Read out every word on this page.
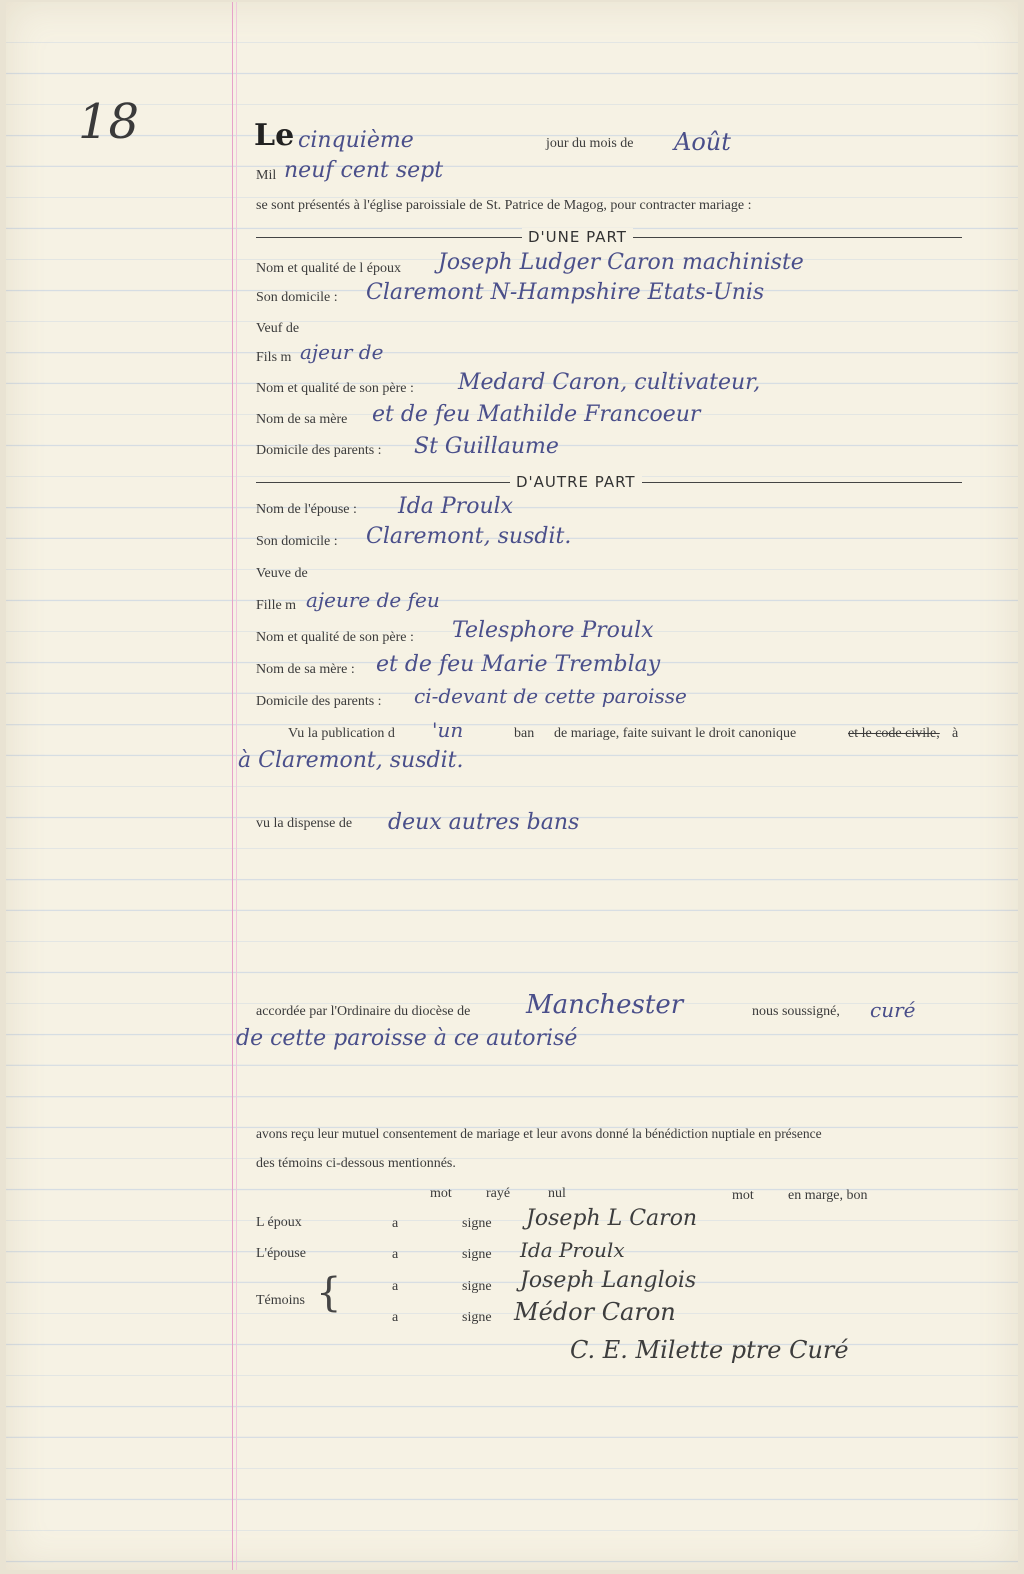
18	Le cinquième	jour du mois de Août
Mil neuf cent sept
se sont présentés à l'église paroissiale de St. Patrice de Magog, pour contracter mariage :
D'UNE PART
Nom et qualité de l époux Joseph Ludger Caron machiniste
Son domicile : Claremont N-Hampshire Etats-Unis
Veuf de
Fils m ajeur de
Nom et qualité de son père : Medard Caron, cultivateur,
Nom de sa mère et de feu Mathilde Francoeur
Domicile des parents : St Guillaume
D'AUTRE PART
Nom de l'épouse : Ida Proulx
Son domicile : Claremont, susdit.
Veuve de
Fille m ajeure de feu
Nom et qualité de son père : Telesphore Proulx
Nom de sa mère : et de feu Marie Tremblay
Domicile des parents : ci-devant de cette paroisse
Vu la publication d 'un	ban de mariage, faite suivant le droit canonique	et le code civile, à
à Claremont, susdit.
vu la dispense de deux autres bans
accordée par l'Ordinaire du diocèse de Manchester	nous soussigné, curé
de cette paroisse à ce autorisé
avons reçu leur mutuel consentement de mariage et leur avons donné la bénédiction nuptiale en présence
des témoins ci-dessous mentionnés.
mot rayé	nul	mot en marge, bon
L époux	a	signe Joseph L Caron
L'épouse	a	signe Ida Proulx
Témoins {	a	signe Joseph Langlois
a	signe Médor Caron
C. E. Milette ptre Curé
